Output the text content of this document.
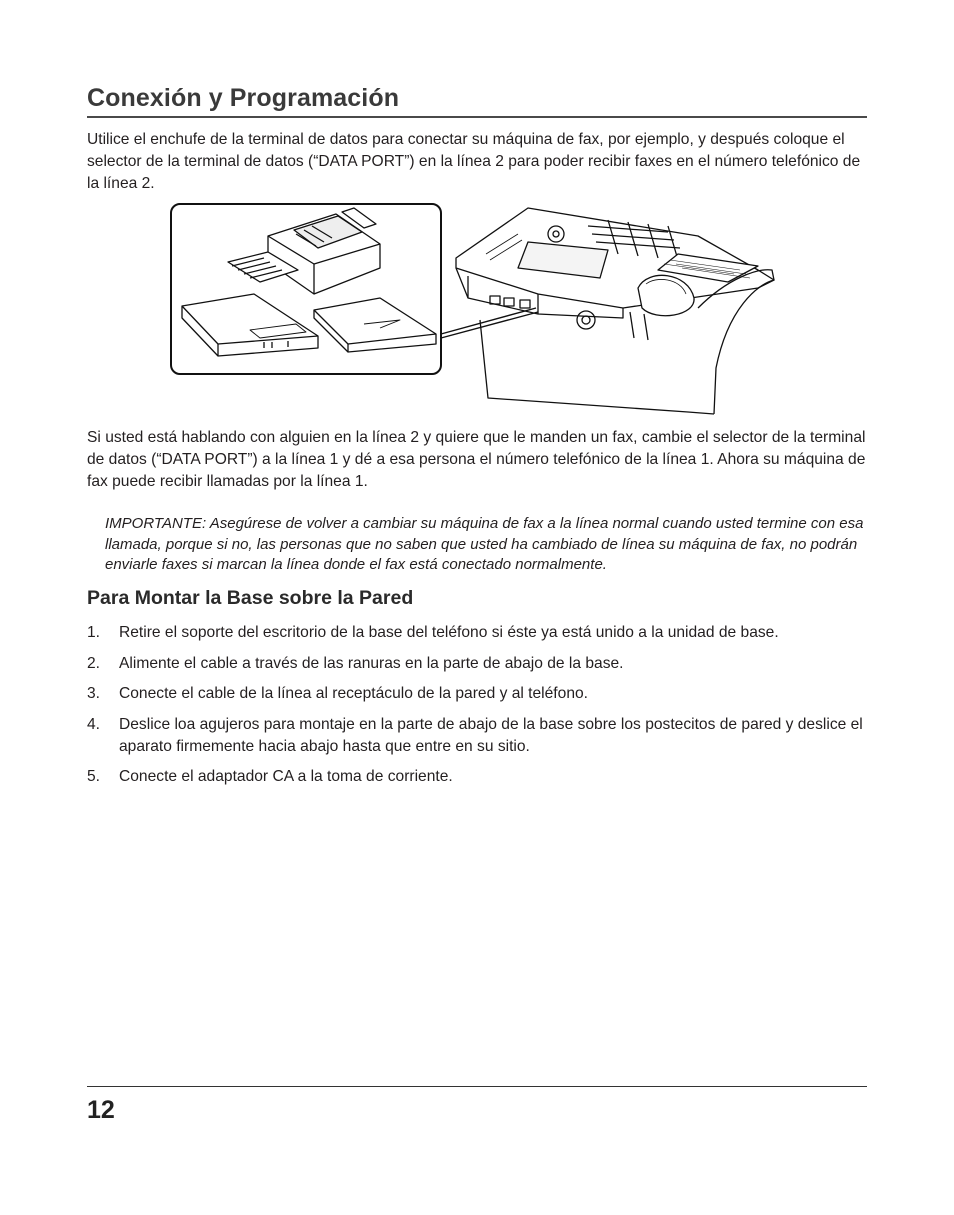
Conexión y Programación

Utilice el enchufe de la terminal de datos para conectar su máquina de fax, por ejemplo, y después coloque el selector de la terminal de datos (“DATA PORT”) en la línea 2 para poder recibir faxes en el número telefónico de la línea 2.

Si usted está hablando con alguien en la línea 2 y quiere que le manden un fax, cambie el selector de la terminal de datos (“DATA PORT”) a la línea 1 y dé a esa persona el número telefónico de la línea 1. Ahora su máquina de fax puede recibir llamadas por la línea 1.

IMPORTANTE: Asegúrese de volver a cambiar su máquina de fax a la línea normal cuando usted termine con esa llamada, porque si no, las personas que no saben que usted ha cambiado de línea su máquina de fax, no podrán enviarle faxes si marcan la línea donde el fax está conectado normalmente.

Para Montar la Base sobre la Pared
1.	Retire el soporte del escritorio de la base del teléfono si éste ya está unido a la unidad de base.
2.	Alimente el cable a través de las ranuras en la parte de abajo de la base.
3.	Conecte el cable de la línea al receptáculo de la pared y al teléfono.
4.	Deslice loa agujeros para montaje en la parte de abajo de la base sobre los postecitos de pared y deslice el aparato firmemente hacia abajo hasta que entre en su sitio.
5.	Conecte el adaptador CA a la toma de corriente.
12
